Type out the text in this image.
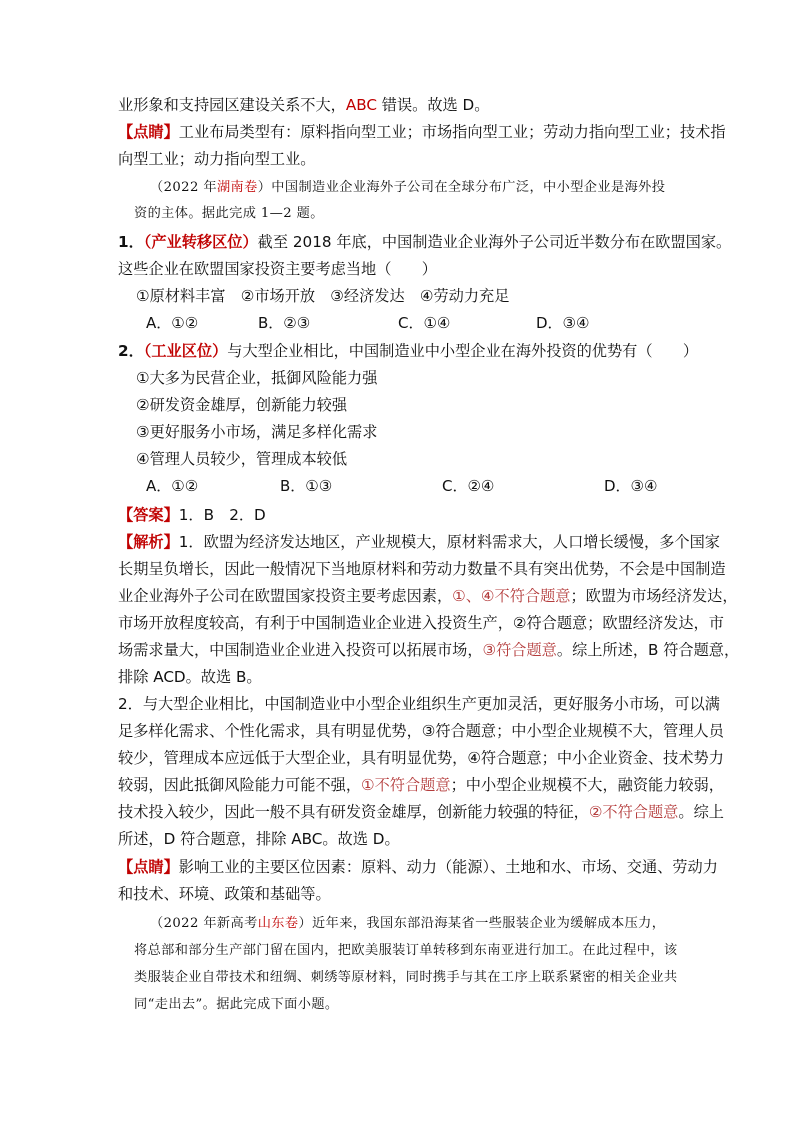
业形象和支持园区建设关系不大，ABC 错误。故选 D。
【点睛】工业布局类型有：原料指向型工业；市场指向型工业；劳动力指向型工业；技术指
向型工业；动力指向型工业。
（2022 年湖南卷）中国制造业企业海外子公司在全球分布广泛，中小型企业是海外投
资的主体。据此完成 1—2 题。
1．（产业转移区位）截至 2018 年底，中国制造业企业海外子公司近半数分布在欧盟国家。
这些企业在欧盟国家投资主要考虑当地（　　）
①原材料丰富　②市场开放　③经济发达　④劳动力充足
A．①②	B．②③	C．①④	D．③④
2．（工业区位）与大型企业相比，中国制造业中小型企业在海外投资的优势有（　　）
①大多为民营企业，抵御风险能力强
②研发资金雄厚，创新能力较强
③更好服务小市场，满足多样化需求
④管理人员较少，管理成本较低
A．①②	B．①③	C．②④	D．③④
【答案】1．B　2．D
【解析】1．欧盟为经济发达地区，产业规模大，原材料需求大，人口增长缓慢，多个国家
长期呈负增长，因此一般情况下当地原材料和劳动力数量不具有突出优势，不会是中国制造
业企业海外子公司在欧盟国家投资主要考虑因素，①、④不符合题意；欧盟为市场经济发达，
市场开放程度较高，有利于中国制造业企业进入投资生产，②符合题意；欧盟经济发达，市
场需求量大，中国制造业企业进入投资可以拓展市场，③符合题意。综上所述，B 符合题意，
排除 ACD。故选 B。
2．与大型企业相比，中国制造业中小型企业组织生产更加灵活，更好服务小市场，可以满
足多样化需求、个性化需求，具有明显优势，③符合题意；中小型企业规模不大，管理人员
较少，管理成本应远低于大型企业，具有明显优势，④符合题意；中小企业资金、技术势力
较弱，因此抵御风险能力可能不强，①不符合题意；中小型企业规模不大，融资能力较弱，
技术投入较少，因此一般不具有研发资金雄厚，创新能力较强的特征，②不符合题意。综上
所述，D 符合题意，排除 ABC。故选 D。
【点睛】影响工业的主要区位因素：原料、动力（能源）、土地和水、市场、交通、劳动力
和技术、环境、政策和基础等。
（2022 年新高考山东卷）近年来，我国东部沿海某省一些服装企业为缓解成本压力，
将总部和部分生产部门留在国内，把欧美服装订单转移到东南亚进行加工。在此过程中，该
类服装企业自带技术和纽绸、刺绣等原材料，同时携手与其在工序上联系紧密的相关企业共
同“走出去”。据此完成下面小题。
